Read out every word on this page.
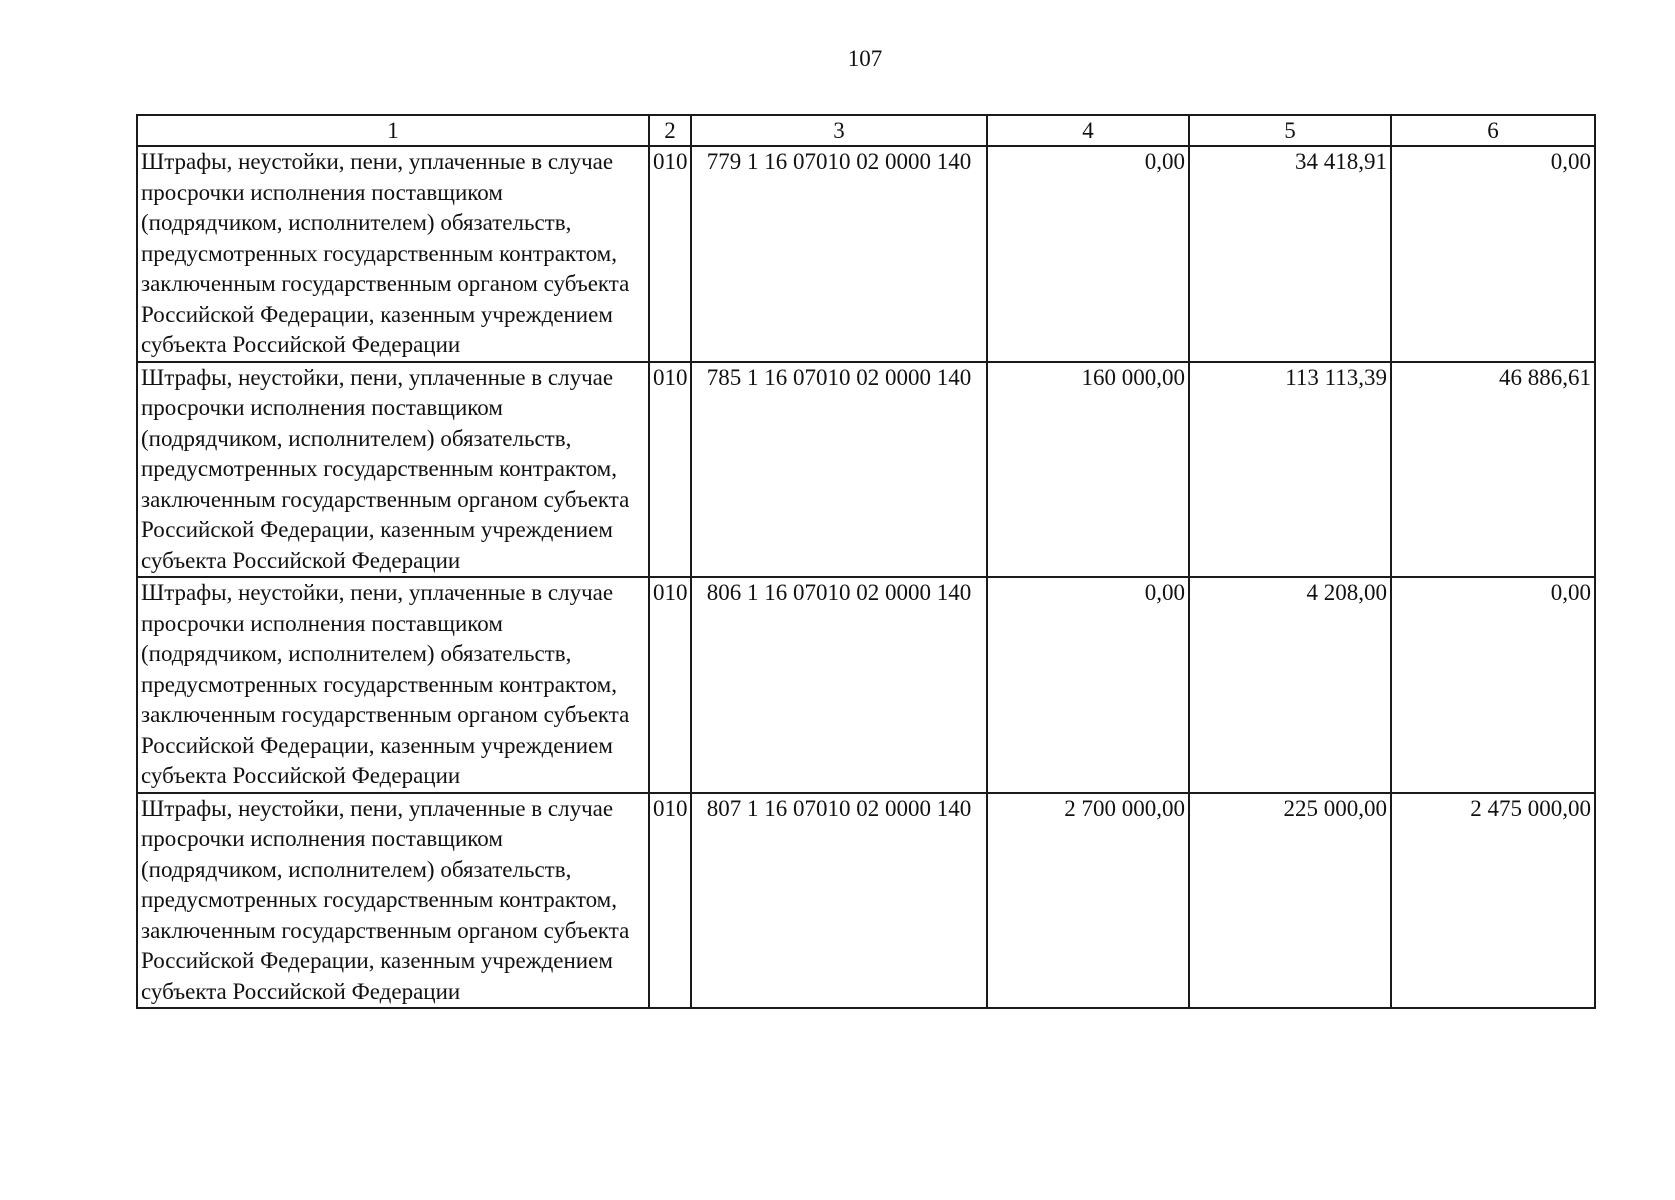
107
1	2	3	4	5	6
Штрафы, неустойки, пени, уплаченные в случае просрочки исполнения поставщиком (подрядчиком, исполнителем) обязательств, предусмотренных государственным контрактом, заключенным государственным органом субъекта Российской Федерации, казенным учреждением субъекта Российской Федерации	010	779 1 16 07010 02 0000 140	0,00	34 418,91	0,00
Штрафы, неустойки, пени, уплаченные в случае просрочки исполнения поставщиком (подрядчиком, исполнителем) обязательств, предусмотренных государственным контрактом, заключенным государственным органом субъекта Российской Федерации, казенным учреждением субъекта Российской Федерации	010	785 1 16 07010 02 0000 140	160 000,00	113 113,39	46 886,61
Штрафы, неустойки, пени, уплаченные в случае просрочки исполнения поставщиком (подрядчиком, исполнителем) обязательств, предусмотренных государственным контрактом, заключенным государственным органом субъекта Российской Федерации, казенным учреждением субъекта Российской Федерации	010	806 1 16 07010 02 0000 140	0,00	4 208,00	0,00
Штрафы, неустойки, пени, уплаченные в случае просрочки исполнения поставщиком (подрядчиком, исполнителем) обязательств, предусмотренных государственным контрактом, заключенным государственным органом субъекта Российской Федерации, казенным учреждением субъекта Российской Федерации	010	807 1 16 07010 02 0000 140	2 700 000,00	225 000,00	2 475 000,00
